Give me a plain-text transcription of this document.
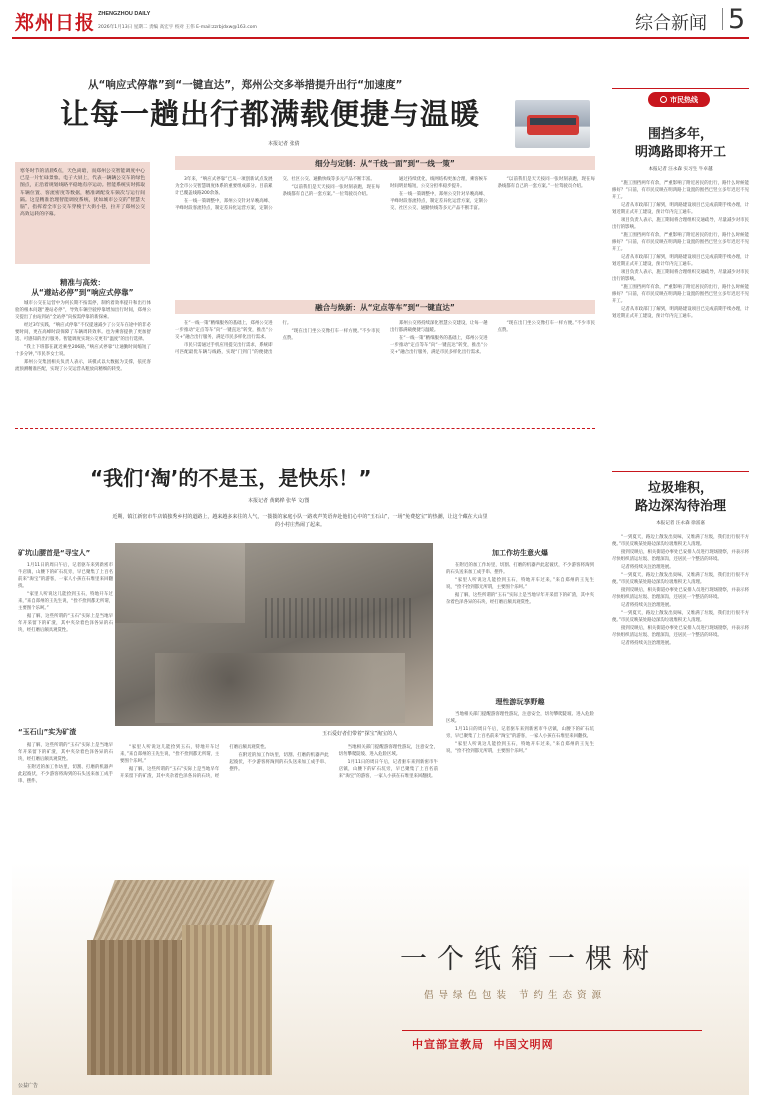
郑州日报 ZHENGZHOU DAILY
2026年1月13日 星期二 责编 高宏宇 校对 王伟 E-mail:zzrbjdxw@163.com	综合新闻 5
从“响应式停靠”到“一键直达”，郑州公交多举措提升出行“加速度”
让每一趟出行都满载便捷与温暖
本报记者 张倩
寒冬时节的清晨6点，天色尚暗，而郑州公交智能调度中心已是一片忙碌景象。电子大屏上，代表一辆辆公交车的绿色图点，正沿着规划线路平稳地有序运动。智能系统实时抓取车辆位置、客流密度等数据，精准调配发车频次与运行间隔。这是精准治理智能调度系统，犹如城市公交的“智慧大脑”，指挥着全市公交车穿梭于大街小巷，拉开了郑州公交高效运转的序幕。
精准与高效：
从“遵站必停”到“响应式停靠”

城市公交在运营中为何长期不按需停，制约着效率提升和出行体验的根本问题“遵站必停”，导致车辆空驶停靠增加出行时间，郑州公交提出了由站到站“全站停”向按需停靠的新探索。

经过3年实践，“响应式停靠”不仅提速减少了公交车在途中的非必要时间，更在高峰时段保障了车辆周转效率。也为乘客提供了更加舒适、可感知的出行服务。智能调度实现公交更有“温度”的出行选择。

“我上下班都在就近乘坐206路，”响应式停靠“让通勤时间缩短了十多分钟，”市民李女士说。

郑州公交集团相关负责人表示，该模式以大数据为支撑，依托客流预测精准匹配，实现了公交运营从粗放向精细的转变。

细分与定制：从“千线一面”到“一线一策”

3年来，“响应式停靠”已从一项创新试点发展为全市公交智慧调度体系的重要组成部分。目前累计已覆盖线路200余条。

在一线一策调整中，郑州公交针对早晚高峰、平峰时段客流特点，制定差异化运营方案，定制公交、社区公交、通勤快线等多元产品不断丰富。

“以前我们是天天按同一张时刻表跑，现在每条线都有自己的一套方案。”一位驾驶员介绍。

通过持续优化，线网结构更加合理，乘客候车时间明显缩短，公交分担率稳步提升。

在一线一策调整中，郑州公交针对早晚高峰、平峰时段客流特点，制定差异化运营方案，定制公交、社区公交、通勤快线等多元产品不断丰富。

“以前我们是天天按同一张时刻表跑，现在每条线都有自己的一套方案。”一位驾驶员介绍。

融合与焕新：从“定点等车”到“一键直达”

在“一线一策”精细服务的基础上，郑州公交进一步推动“定点等车”向“一键直达”转变，推出“公交+”融合出行服务，满足市民多样化出行需求。

市民只需通过手机应用提交出行需求，系统即可匹配最优车辆与线路，实现“门到门”的便捷出行。

“现在出门坐公交像打车一样方便。”不少市民点赞。

郑州公交将持续深化智慧公交建设，让每一趟出行都满载便捷与温暖。

在“一线一策”精细服务的基础上，郑州公交进一步推动“定点等车”向“一键直达”转变，推出“公交+”融合出行服务，满足市民多样化出行需求。

“现在出门坐公交像打车一样方便。”不少市民点赞。

“我们‘淘’的不是玉，是快乐！”
本报记者 黄鹤桦 张华 文/图
近期，镇江新密市牛店镇独秀乡村的道路上，越来越多来往的人气，一拨拨的家庭小队一路欢声笑语奔赴他们心中的“玉石山”，一场“免费挖宝”的热潮，让这个藏在大山里的小村庄热闹了起来。
矿坑山腰首是“寻宝人”

1月11日的周日午后，记者驱车来到新密市牛店镇，山腰下的矿石坑旁，早已聚集了上百名前来“淘宝”的游客，一家人小孩在石堆里来回翻找。

“家里人听说这儿能捡到玉石，特地开车过来，”来自郑州的王先生说，“捡不捡到都无所谓，主要图个乐呵。”

据了解，这些所谓的“玉石”实际上是当地早年开采留下的矿渣，其中夹杂着色泽各异的石块，经打磨后颇具观赏性。

“玉石山”实为矿渣

据了解，这些所谓的“玉石”实际上是当地早年开采留下的矿渣，其中夹杂着色泽各异的石块，经打磨后颇具观赏性。

在附近的加工作坊里，切割、打磨的机器声此起彼伏，不少游客将淘到的石头送来加工成手串、摆件。

玉石爱好者们带着“探宝”淘宝的人

“家里人听说这儿能捡到玉石，特地开车过来，”来自郑州的王先生说，“捡不捡到都无所谓，主要图个乐呵。”

据了解，这些所谓的“玉石”实际上是当地早年开采留下的矿渣，其中夹杂着色泽各异的石块，经打磨后颇具观赏性。

在附近的加工作坊里，切割、打磨的机器声此起彼伏，不少游客将淘到的石头送来加工成手串、摆件。

当地相关部门提醒游客理性游玩，注意安全，切勿攀爬陡坡、进入危险区域。

1月11日的周日午后，记者驱车来到新密市牛店镇，山腰下的矿石坑旁，早已聚集了上百名前来“淘宝”的游客，一家人小孩在石堆里来回翻找。

加工作坊生意火爆

在附近的加工作坊里，切割、打磨的机器声此起彼伏，不少游客将淘到的石头送来加工成手串、摆件。

“家里人听说这儿能捡到玉石，特地开车过来，”来自郑州的王先生说，“捡不捡到都无所谓，主要图个乐呵。”

据了解，这些所谓的“玉石”实际上是当地早年开采留下的矿渣，其中夹杂着色泽各异的石块，经打磨后颇具观赏性。

理性游玩享野趣

当地相关部门提醒游客理性游玩，注意安全，切勿攀爬陡坡、进入危险区域。

1月11日的周日午后，记者驱车来到新密市牛店镇，山腰下的矿石坑旁，早已聚集了上百名前来“淘宝”的游客，一家人小孩在石堆里来回翻找。

“家里人听说这儿能捡到玉石，特地开车过来，”来自郑州的王先生说，“捡不捡到都无所谓，主要图个乐呵。”

市民热线
围挡多年，
明鸿路即将开工
本报记者 汪永森 实习生 牛卓越

“施工围挡两年有余，严重影响了附近居民的出行，路什么时候能修好？”日前，有市民反映在明鸿路上设置的围挡已竖立多年迟迟不见开工。

记者从市政部门了解到，明鸿路建设项目已完成前期手续办理，计划近期正式开工建设，预计年内完工通车。

项目负责人表示，施工期间将合理组织交通疏导，尽量减少对市民出行的影响。

“施工围挡两年有余，严重影响了附近居民的出行，路什么时候能修好？”日前，有市民反映在明鸿路上设置的围挡已竖立多年迟迟不见开工。

记者从市政部门了解到，明鸿路建设项目已完成前期手续办理，计划近期正式开工建设，预计年内完工通车。

项目负责人表示，施工期间将合理组织交通疏导，尽量减少对市民出行的影响。

“施工围挡两年有余，严重影响了附近居民的出行，路什么时候能修好？”日前，有市民反映在明鸿路上设置的围挡已竖立多年迟迟不见开工。

记者从市政部门了解到，明鸿路建设项目已完成前期手续办理，计划近期正式开工建设，预计年内完工通车。

垃圾堆积，
路边深沟待治理
本报记者 汪永森 徐富嘉

“一到夏天，路边上散发出臭味，又堆满了垃圾，我们出行很不方便。”市民反映某处路边深沟垃圾堆积无人清理。

接到反映后，相关街道办事处已安排人员进行现场勘察，并表示将尽快组织清运垃圾、治理深沟，还居民一个整洁的环境。

记者将持续关注治理进展。

“一到夏天，路边上散发出臭味，又堆满了垃圾，我们出行很不方便。”市民反映某处路边深沟垃圾堆积无人清理。

接到反映后，相关街道办事处已安排人员进行现场勘察，并表示将尽快组织清运垃圾、治理深沟，还居民一个整洁的环境。

记者将持续关注治理进展。

“一到夏天，路边上散发出臭味，又堆满了垃圾，我们出行很不方便。”市民反映某处路边深沟垃圾堆积无人清理。

接到反映后，相关街道办事处已安排人员进行现场勘察，并表示将尽快组织清运垃圾、治理深沟，还居民一个整洁的环境。

记者将持续关注治理进展。

一个纸箱一棵树
倡导绿色包装 节约生态资源
中宣部宣教局  中国文明网
公益广告
